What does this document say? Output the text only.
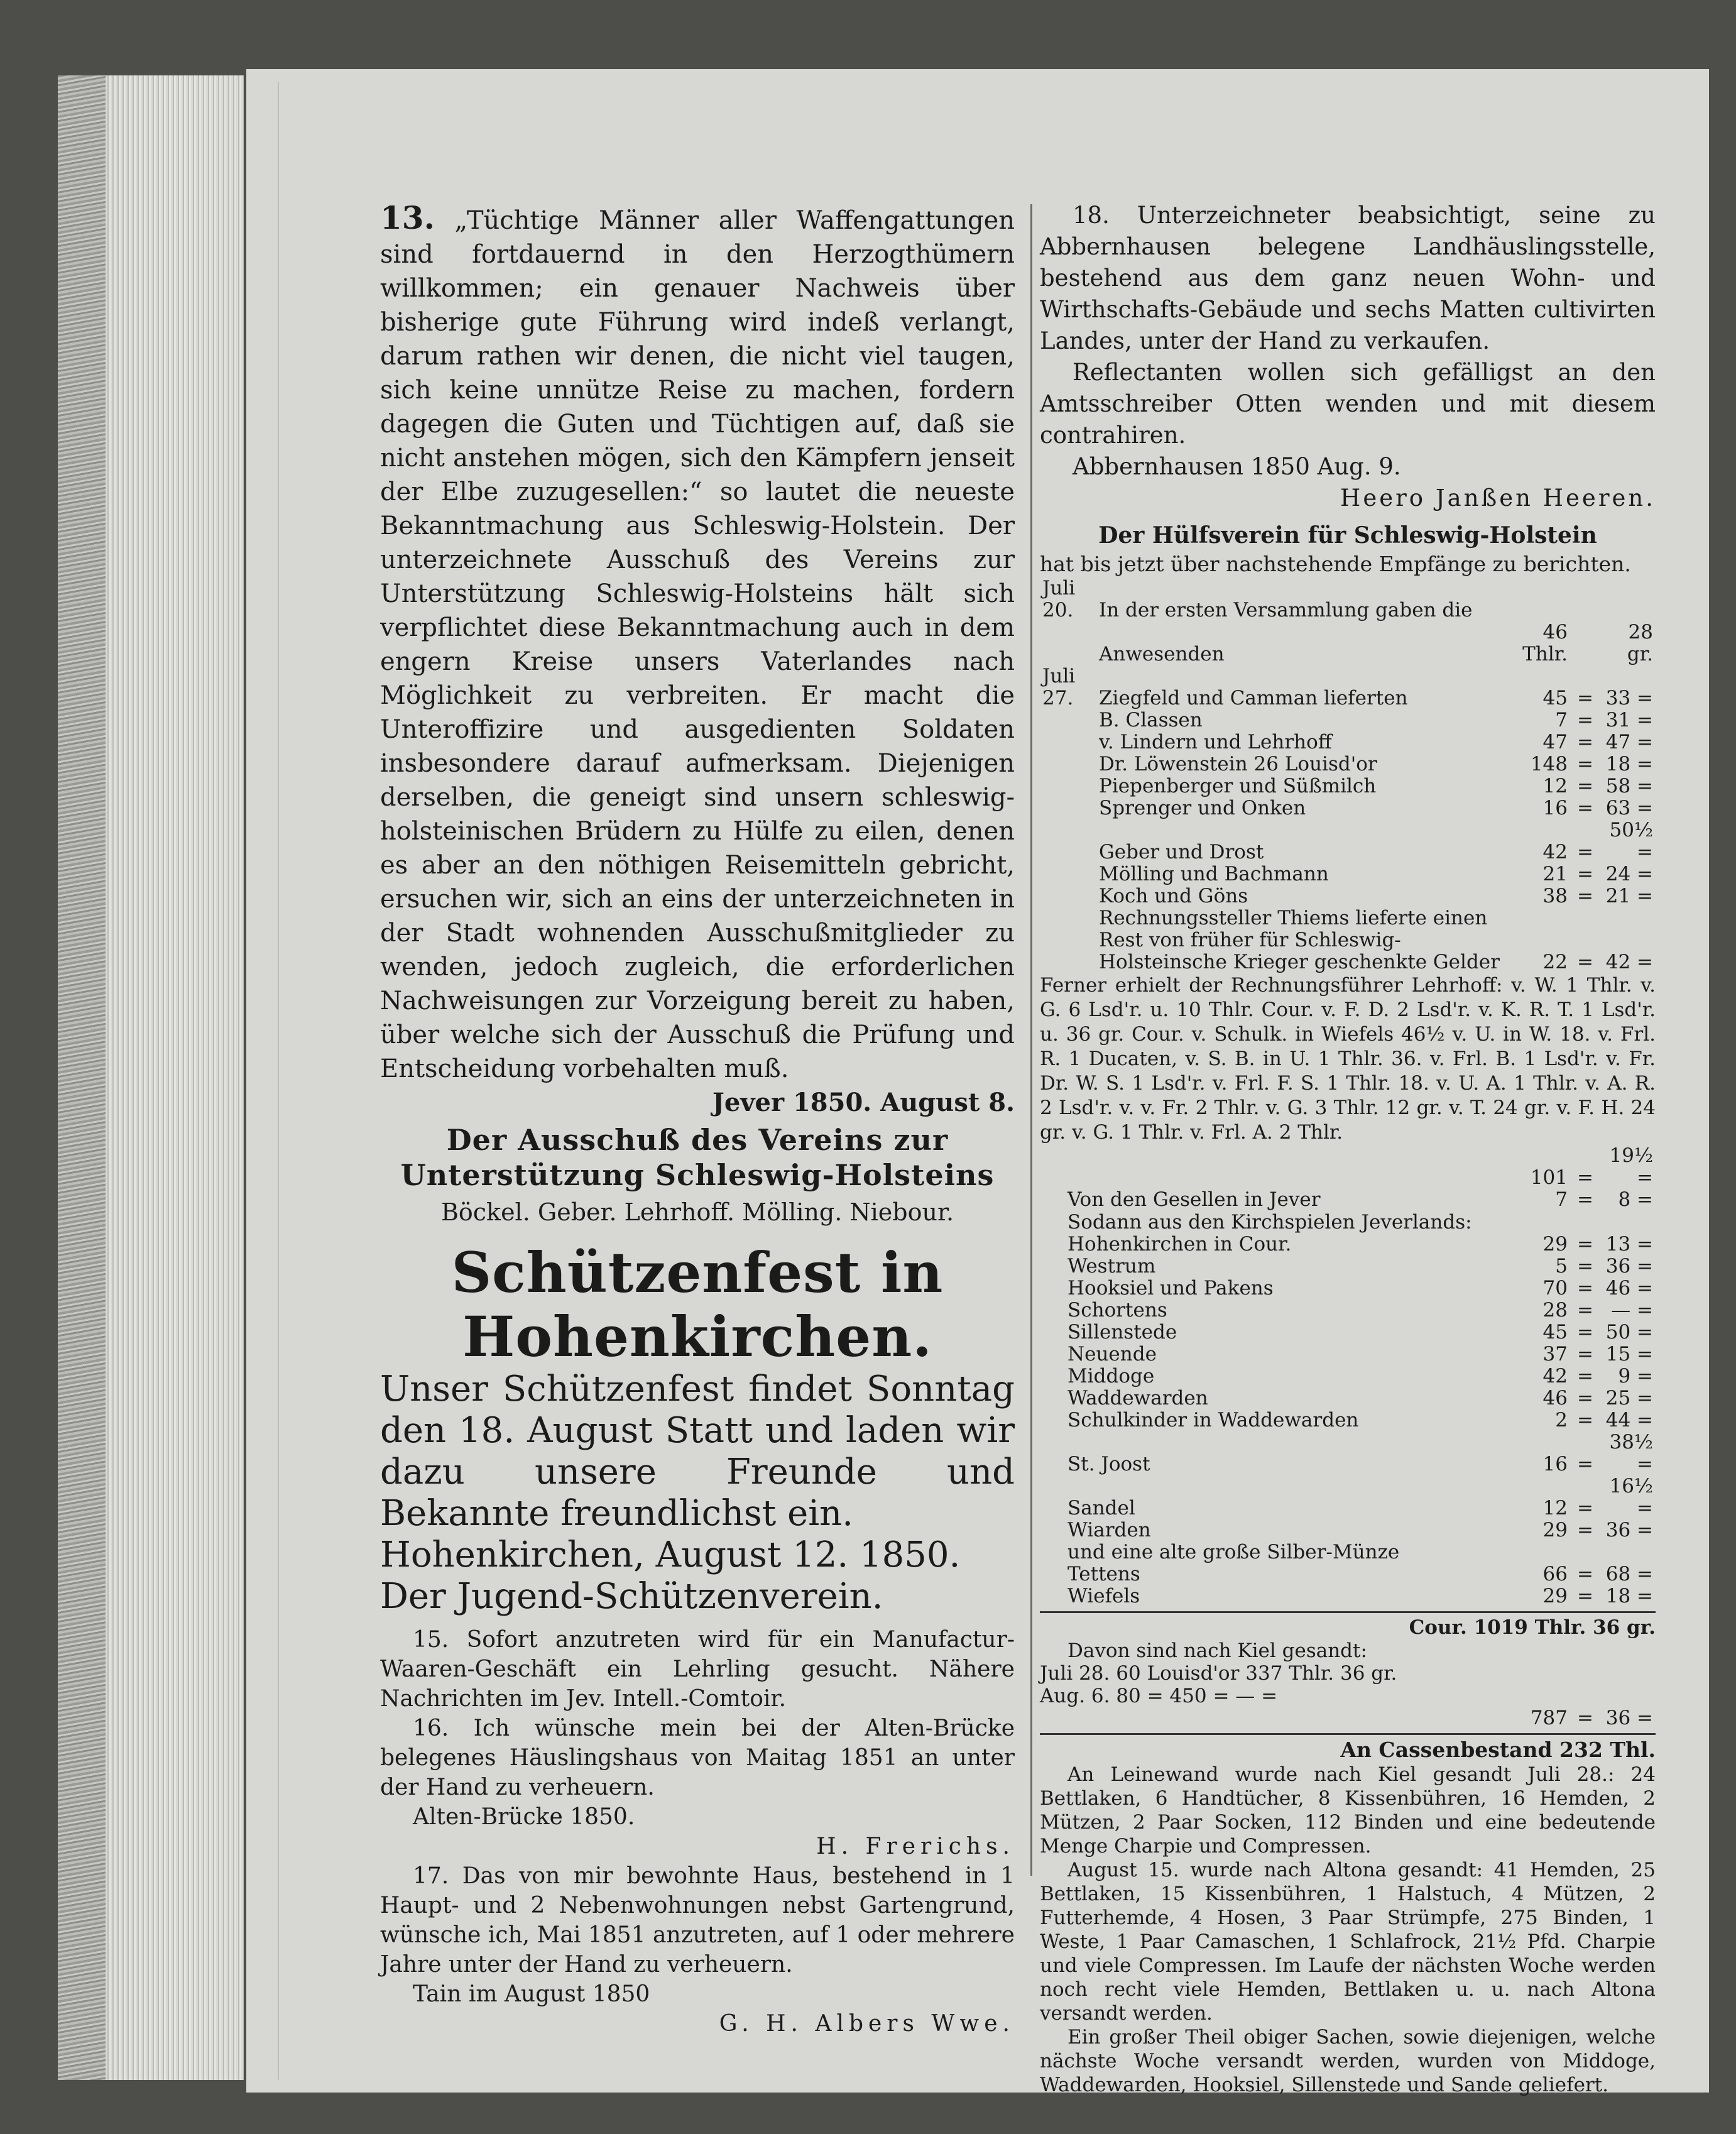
13. „Tüchtige Männer aller Waffengattungen sind fortdauernd in den Herzogthümern willkommen; ein genauer Nachweis über bisherige gute Führung wird indeß verlangt, darum rathen wir denen, die nicht viel taugen, sich keine unnütze Reise zu machen, fordern dagegen die Guten und Tüchtigen auf, daß sie nicht anstehen mögen, sich den Kämpfern jenseit der Elbe zuzugesellen:“ so lautet die neueste Bekanntmachung aus Schleswig-Holstein. Der unterzeichnete Ausschuß des Vereins zur Unterstützung Schleswig-Holsteins hält sich verpflichtet diese Bekanntmachung auch in dem engern Kreise unsers Vaterlandes nach Möglichkeit zu verbreiten. Er macht die Unteroffizire und ausgedienten Soldaten insbesondere darauf aufmerksam. Diejenigen derselben, die geneigt sind unsern schleswig-holsteinischen Brüdern zu Hülfe zu eilen, denen es aber an den nöthigen Reisemitteln gebricht, ersuchen wir, sich an eins der unterzeichneten in der Stadt wohnenden Ausschußmitglieder zu wenden, jedoch zugleich, die erforderlichen Nachweisungen zur Vorzeigung bereit zu haben, über welche sich der Ausschuß die Prüfung und Entscheidung vorbehalten muß.

Jever 1850. August 8.

Der Ausschuß des Vereins zur Unterstützung Schleswig-Holsteins
Böckel. Geber. Lehrhoff. Mölling. Niebour.
Schützenfest in Hohenkirchen.
Unser Schützenfest findet Sonntag den 18. August Statt und laden wir dazu unsere Freunde und Bekannte freundlichst ein.
Hohenkirchen, August 12. 1850.
Der Jugend-Schützenverein.

15. Sofort anzutreten wird für ein Manufactur-Waaren-Geschäft ein Lehrling gesucht. Nähere Nachrichten im Jev. Intell.-Comtoir.

16. Ich wünsche mein bei der Alten-Brücke belegenes Häuslingshaus von Maitag 1851 an unter der Hand zu verheuern.

Alten-Brücke 1850.

H. Frerichs.

17. Das von mir bewohnte Haus, bestehend in 1 Haupt- und 2 Nebenwohnungen nebst Gartengrund, wünsche ich, Mai 1851 anzutreten, auf 1 oder mehrere Jahre unter der Hand zu verheuern.

Tain im August 1850

G. H. Albers Wwe.

18. Unterzeichneter beabsichtigt, seine zu Abbernhausen belegene Landhäuslingsstelle, bestehend aus dem ganz neuen Wohn- und Wirthschafts-Gebäude und sechs Matten cultivirten Landes, unter der Hand zu verkaufen.

Reflectanten wollen sich gefälligst an den Amtsschreiber Otten wenden und mit diesem contrahiren.

Abbernhausen 1850 Aug. 9.

Heero Janßen Heeren.

Der Hülfsverein für Schleswig-Holstein
hat bis jetzt über nachstehende Empfänge zu berichten.
Juli 20.	In der ersten Versammlung gaben die			
	Anwesenden	46 Thlr.		28 gr.
Juli 27.	Ziegfeld und Camman lieferten	45	=	33 =
	B. Classen	7	=	31 =
	v. Lindern und Lehrhoff	47	=	47 =
	Dr. Löwenstein 26 Louisd'or	148	=	18 =
	Piepenberger und Süßmilch	12	=	58 =
	Sprenger und Onken	16	=	63 =
	Geber und Drost	42	=	50½ =
	Mölling und Bachmann	21	=	24 =
	Koch und Göns	38	=	21 =
	Rechnungssteller Thiems lieferte einen			
	Rest von früher für Schleswig-Holsteinsche Krieger geschenkte Gelder	22	=	42 =
Ferner erhielt der Rechnungsführer Lehrhoff: v. W. 1 Thlr. v. G. 6 Lsd'r. u. 10 Thlr. Cour. v. F. D. 2 Lsd'r. v. K. R. T. 1 Lsd'r. u. 36 gr. Cour. v. Schulk. in Wiefels 46½ v. U. in W. 18. v. Frl. R. 1 Ducaten, v. S. B. in U. 1 Thlr. 36. v. Frl. B. 1 Lsd'r. v. Fr. Dr. W. S. 1 Lsd'r. v. Frl. F. S. 1 Thlr. 18. v. U. A. 1 Thlr. v. A. R. 2 Lsd'r. v. v. Fr. 2 Thlr. v. G. 3 Thlr. 12 gr. v. T. 24 gr. v. F. H. 24 gr. v. G. 1 Thlr. v. Frl. A. 2 Thlr.
	101	=	19½ =
Von den Gesellen in Jever	7	=	8 =
Sodann aus den Kirchspielen Jeverlands:
Hohenkirchen in Cour.	29	=	13 =
Westrum	5	=	36 =
Hooksiel und Pakens	70	=	46 =
Schortens	28	=	— =
Sillenstede	45	=	50 =
Neuende	37	=	15 =
Middoge	42	=	9 =
Waddewarden	46	=	25 =
Schulkinder in Waddewarden	2	=	44 =
St. Joost	16	=	38½ =
Sandel	12	=	16½ =
Wiarden	29	=	36 =
und eine alte große Silber-Münze			
Tettens	66	=	68 =
Wiefels	29	=	18 =
Cour. 1019 Thlr. 36 gr.
Davon sind nach Kiel gesandt:
Juli 28. 60 Louisd'or 337 Thlr. 36 gr.
Aug. 6. 80 = 450 = — =
	787	=	36 =
An Cassenbestand 232 Thl.
An Leinewand wurde nach Kiel gesandt Juli 28.: 24 Bettlaken, 6 Handtücher, 8 Kissenbühren, 16 Hemden, 2 Mützen, 2 Paar Socken, 112 Binden und eine bedeutende Menge Charpie und Compressen.
August 15. wurde nach Altona gesandt: 41 Hemden, 25 Bettlaken, 15 Kissenbühren, 1 Halstuch, 4 Mützen, 2 Futterhemde, 4 Hosen, 3 Paar Strümpfe, 275 Binden, 1 Weste, 1 Paar Camaschen, 1 Schlafrock, 21½ Pfd. Charpie und viele Compressen. Im Laufe der nächsten Woche werden noch recht viele Hemden, Bettlaken u. u. nach Altona versandt werden.
Ein großer Theil obiger Sachen, sowie diejenigen, welche nächste Woche versandt werden, wurden von Middoge, Waddewarden, Hooksiel, Sillenstede und Sande geliefert.
